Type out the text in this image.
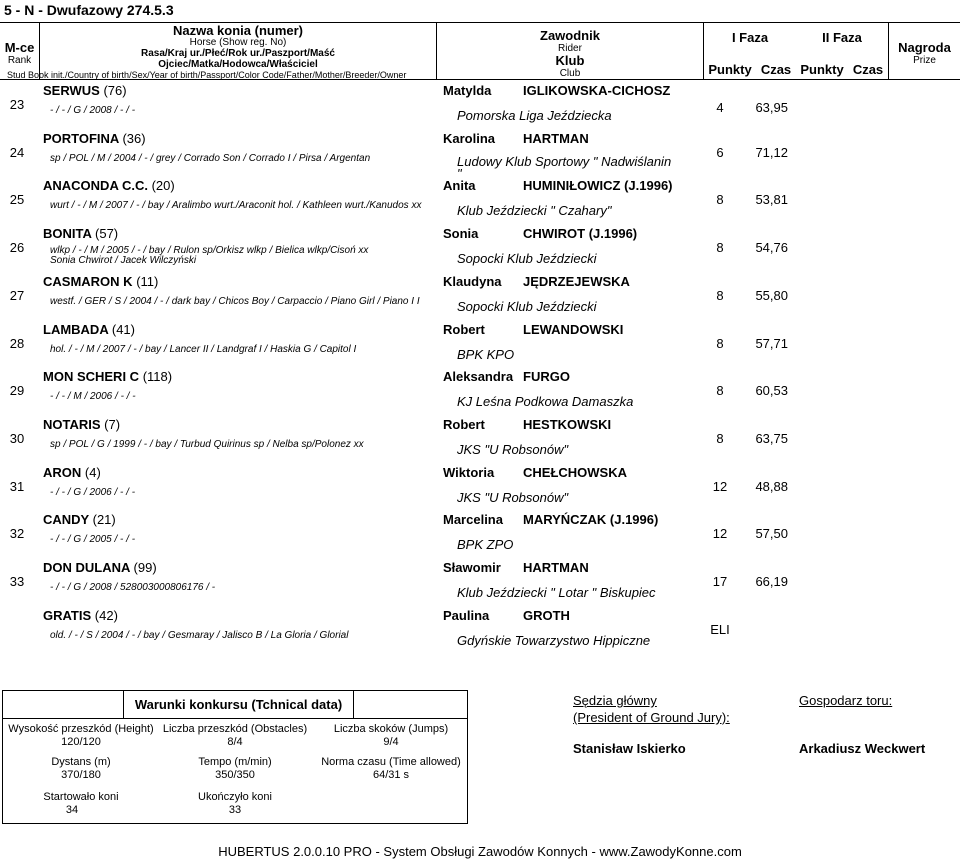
5 - N - Dwufazowy 274.5.3
M-ce
Rank
Nazwa konia (numer)
Horse (Show reg. No)
Rasa/Kraj ur./Płeć/Rok ur./Paszport/Maść
Ojciec/Matka/Hodowca/Właściciel
Stud Book init./Country of birth/Sex/Year of birth/Passport/Color Code/Father/Mother/Breeder/Owner
Zawodnik
Rider
Klub
Club
I Faza	II Faza
Punkty Czas Punkty Czas
Nagroda
Prize
23
SERWUS (76)
- / - / G / 2008 / - / -
Matylda IGLIKOWSKA-CICHOSZ
Pomorska Liga Jeździecka
4	63,95
24
PORTOFINA (36)
sp / POL / M / 2004 / - / grey / Corrado Son / Corrado I / Pirsa / Argentan
Karolina HARTMAN
Ludowy Klub Sportowy " Nadwiślanin
"
6	71,12
25
ANACONDA C.C. (20)
wurt / - / M / 2007 / - / bay / Aralimbo wurt./Araconit hol. / Kathleen wurt./Kanudos xx
Anita	HUMINIŁOWICZ (J.1996)
Klub Jeździecki " Czahary"
8	53,81
26
BONITA (57)
wlkp / - / M / 2005 / - / bay / Rulon sp/Orkisz wlkp / Bielica wlkp/Cisoń xx
Sonia Chwirot / Jacek Wilczyński
Sonia	CHWIROT (J.1996)
Sopocki Klub Jeździecki
8	54,76
27
CASMARON K (11)
westf. / GER / S / 2004 / - / dark bay / Chicos Boy / Carpaccio / Piano Girl / Piano I I
Klaudyna JĘDRZEJEWSKA
Sopocki Klub Jeździecki
8	55,80
28
LAMBADA (41)
hol. / - / M / 2007 / - / bay / Lancer II / Landgraf I / Haskia G / Capitol I
Robert	LEWANDOWSKI
BPK KPO
8	57,71
29
MON SCHERI C (118)
- / - / M / 2006 / - / -
Aleksandra FURGO
KJ Leśna Podkowa Damaszka
8	60,53
30
NOTARIS (7)
sp / POL / G / 1999 / - / bay / Turbud Quirinus sp / Nelba sp/Polonez xx
Robert	HESTKOWSKI
JKS "U Robsonów"
8	63,75
31
ARON (4)
- / - / G / 2006 / - / -
Wiktoria CHEŁCHOWSKA
JKS "U Robsonów"
12	48,88
32
CANDY (21)
- / - / G / 2005 / - / -
Marcelina MARYŃCZAK (J.1996)
BPK ZPO
12	57,50
33
DON DULANA (99)
- / - / G / 2008 / 528003000806176 / -
Sławomir HARTMAN
Klub Jeździecki " Lotar " Biskupiec
17	66,19
GRATIS (42)
old. / - / S / 2004 / - / bay / Gesmaray / Jalisco B / La Gloria / Glorial
Paulina	GROTH
Gdyńskie Towarzystwo Hippiczne
ELI
Warunki konkursu (Tchnical data)
Wysokość przeszkód (Height)
120/120
Liczba przeszkód (Obstacles)
8/4
Liczba skoków (Jumps)
9/4
Dystans (m)
370/180
Tempo (m/min)
350/350
Norma czasu (Time allowed)
64/31 s
Startowało koni
34
Ukończyło koni
33
Sędzia główny
(President of Ground Jury):
Stanisław Iskierko
Gospodarz toru:
Arkadiusz Weckwert
HUBERTUS 2.0.0.10 PRO - System Obsługi Zawodów Konnych - www.ZawodyKonne.com
